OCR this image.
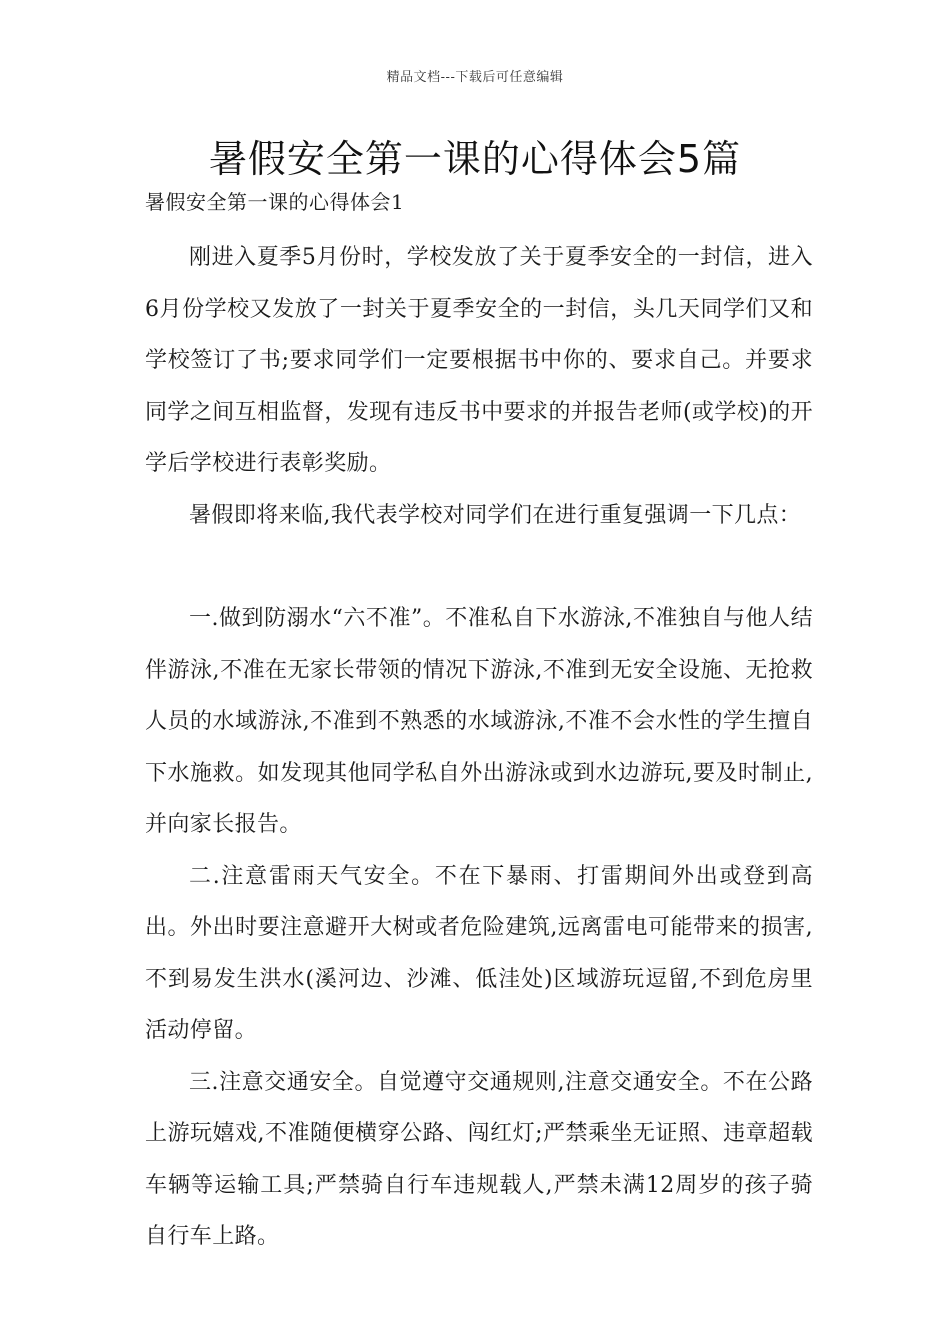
精品文档---下载后可任意编辑
暑假安全第一课的心得体会5篇
暑假安全第一课的心得体会1

刚进入夏季5月份时，学校发放了关于夏季安全的一封信，进入6月份学校又发放了一封关于夏季安全的一封信，头几天同学们又和学校签订了书;要求同学们一定要根据书中你的、要求自己。并要求同学之间互相监督，发现有违反书中要求的并报告老师(或学校)的开学后学校进行表彰奖励。

暑假即将来临,我代表学校对同学们在进行重复强调一下几点：

一.做到防溺水“六不准”。不准私自下水游泳,不准独自与他人结伴游泳,不准在无家长带领的情况下游泳,不准到无安全设施、无抢救人员的水域游泳,不准到不熟悉的水域游泳,不准不会水性的学生擅自下水施救。如发现其他同学私自外出游泳或到水边游玩,要及时制止,并向家长报告。

二.注意雷雨天气安全。不在下暴雨、打雷期间外出或登到高出。外出时要注意避开大树或者危险建筑,远离雷电可能带来的损害,不到易发生洪水(溪河边、沙滩、低洼处)区域游玩逗留,不到危房里活动停留。

三.注意交通安全。自觉遵守交通规则,注意交通安全。不在公路上游玩嬉戏,不准随便横穿公路、闯红灯;严禁乘坐无证照、违章超载车辆等运输工具;严禁骑自行车违规载人,严禁未满12周岁的孩子骑自行车上路。
